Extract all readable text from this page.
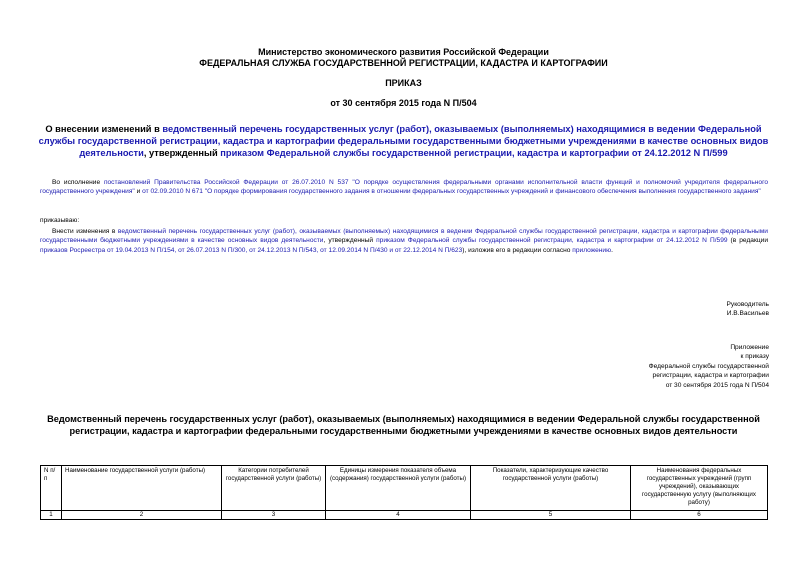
Министерство экономического развития Российской Федерации
ФЕДЕРАЛЬНАЯ СЛУЖБА ГОСУДАРСТВЕННОЙ РЕГИСТРАЦИИ, КАДАСТРА И КАРТОГРАФИИ
ПРИКАЗ
от 30 сентября 2015 года N П/504
О внесении изменений в ведомственный перечень государственных услуг (работ), оказываемых (выполняемых) находящимися в ведении Федеральной службы государственной регистрации, кадастра и картографии федеральными государственными бюджетными учреждениями в качестве основных видов деятельности, утвержденный приказом Федеральной службы государственной регистрации, кадастра и картографии от 24.12.2012 N П/599
Во исполнение постановлений Правительства Российской Федерации от 26.07.2010 N 537 "О порядке осуществления федеральными органами исполнительной власти функций и полномочий учредителя федерального государственного учреждения" и от 02.09.2010 N 671 "О порядке формирования государственного задания в отношении федеральных государственных учреждений и финансового обеспечения выполнения государственного задания"
приказываю:
Внести изменения в ведомственный перечень государственных услуг (работ), оказываемых (выполняемых) находящимися в ведении Федеральной службы государственной регистрации, кадастра и картографии федеральными государственными бюджетными учреждениями в качестве основных видов деятельности, утвержденный приказом Федеральной службы государственной регистрации, кадастра и картографии от 24.12.2012 N П/599 (в редакции приказов Росреестра от 19.04.2013 N П/154, от 26.07.2013 N П/300, от 24.12.2013 N П/543, от 12.09.2014 N П/430 и от 22.12.2014 N П/623), изложив его в редакции согласно приложению.
Руководитель
И.В.Васильев
Приложение
к приказу
Федеральной службы государственной
регистрации, кадастра и картографии
от 30 сентября 2015 года N П/504
Ведомственный перечень государственных услуг (работ), оказываемых (выполняемых) находящимися в ведении Федеральной службы государственной регистрации, кадастра и картографии федеральными государственными бюджетными учреждениями в качестве основных видов деятельности
N п/п	Наименование государственной услуги (работы)	Категории потребителей государственной услуги (работы)	Единицы измерения показателя объема (содержания) государственной услуги (работы)	Показатели, характеризующие качество государственной услуги (работы)	Наименования федеральных государственных учреждений (групп учреждений), оказывающих государственную услугу (выполняющих работу)
1	2	3	4	5	6
